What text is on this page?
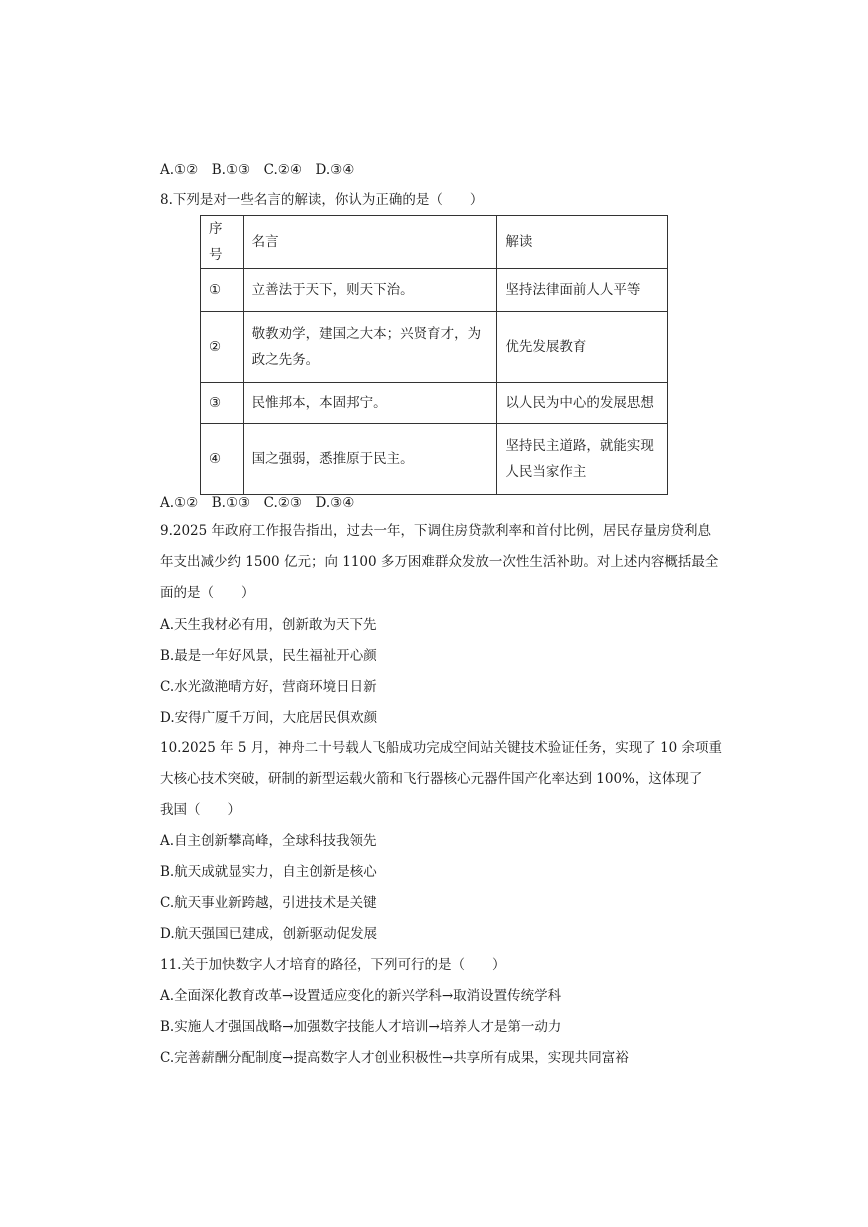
A.①②　B.①③　C.②④　D.③④
8.下列是对一些名言的解读，你认为正确的是（　　）
序号	名言	解读
①	立善法于天下，则天下治。	坚持法律面前人人平等
②	敬教劝学，建国之大本；兴贤育才，为政之先务。	优先发展教育
③	民惟邦本，本固邦宁。	以人民为中心的发展思想
④	国之强弱，悉推原于民主。	坚持民主道路，就能实现人民当家作主
A.①②　B.①③　C.②③　D.③④
9.2025 年政府工作报告指出，过去一年，下调住房贷款利率和首付比例，居民存量房贷利息
年支出减少约 1500 亿元；向 1100 多万困难群众发放一次性生活补助。对上述内容概括最全
面的是（　　）
A.天生我材必有用，创新敢为天下先
B.最是一年好风景，民生福祉开心颜
C.水光潋滟晴方好，营商环境日日新
D.安得广厦千万间，大庇居民俱欢颜
10.2025 年 5 月，神舟二十号载人飞船成功完成空间站关键技术验证任务，实现了 10 余项重
大核心技术突破，研制的新型运载火箭和飞行器核心元器件国产化率达到 100%，这体现了
我国（　　）
A.自主创新攀高峰，全球科技我领先
B.航天成就显实力，自主创新是核心
C.航天事业新跨越，引进技术是关键
D.航天强国已建成，创新驱动促发展
11.关于加快数字人才培育的路径，下列可行的是（　　）
A.全面深化教育改革→设置适应变化的新兴学科→取消设置传统学科
B.实施人才强国战略→加强数字技能人才培训→培养人才是第一动力
C.完善薪酬分配制度→提高数字人才创业积极性→共享所有成果，实现共同富裕
